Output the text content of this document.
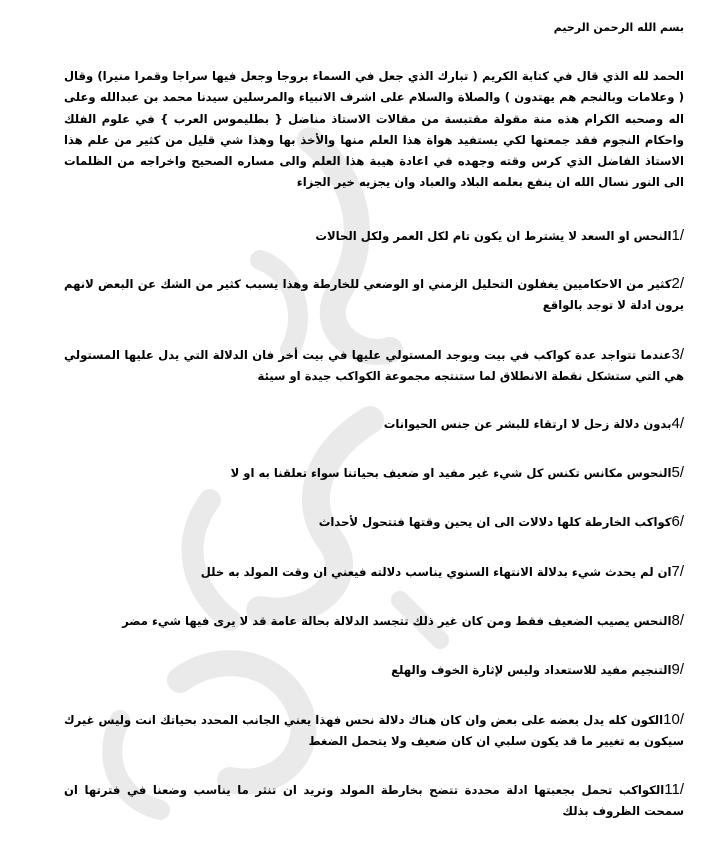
بسم الله الرحمن الرحيم
الحمد لله الذي قال في كتابة الكريم ( تبارك الذي جعل في السماء بروجا وجعل فيها سراجا وقمرا منيرا) وقال ( وعلامات وبالنجم هم يهتدون ) والصلاة والسلام على اشرف الانبياء والمرسلين سيدنا محمد بن عبدالله وعلى اله وصحبه الكرام هذه منة مقولة مقتبسة من مقالات الاستاذ مناضل { بطليموس العرب } في علوم الفلك واحكام النجوم فقد جمعتها لكي يستفيد هواة هذا العلم منها والأخذ بها وهذا شي قليل من كثير من علم هذا الاستاذ الفاضل الذي كرس وقته وجهده في اعادة هيبة هذا العلم والى مساره الصحيح واخراجه من الظلمات الى النور نسال الله ان ينفع بعلمه البلاد والعباد وان يجزيه خير الجزاء
/1النحس او السعد لا يشترط ان يكون تام لكل العمر ولكل الحالات
/2كثير من الاحكاميين يغفلون التحليل الزمني او الوضعي للخارطة وهذا يسبب كثير من الشك عن البعض لانهم يرون ادلة لا توجد بالواقع
/3عندما تتواجد عدة كواكب في بيت ويوجد المستولي عليها في بيت أخر فان الدلالة التي يدل عليها المستولي هي التي ستشكل نقطة الانطلاق لما ستنتجه مجموعة الكواكب جيدة او سيئة
/4بدون دلالة زحل لا ارتقاء للبشر عن جنس الحيوانات
/5النحوس مكانس تكنس كل شيء غير مفيد او ضعيف بحياتنا سواء تعلقنا به او لا
/6كواكب الخارطة كلها دلالات الى ان يحين وقتها فتتحول لأحداث
/7ان لم يحدث شيء بدلالة الانتهاء السنوي يناسب دلالته فيعني ان وقت المولد به خلل
/8النحس يصيب الضعيف فقط ومن كان غير ذلك تتجسد الدلالة بحالة عامة قد لا يرى فيها شيء مضر
/9التنجيم مفيد للاستعداد وليس لإثارة الخوف والهلع
/10الكون كله يدل بعضه على بعض وان كان هناك دلالة نحس فهذا يعني الجانب المحدد بحياتك انت وليس غيرك سيكون به تغيير ما قد يكون سلبي ان كان ضعيف ولا يتحمل الضغط
/11الكواكب تحمل بجعبتها ادلة محددة تتضح بخارطة المولد وتريد ان تنثر ما يناسب وضعنا في فترتها ان سمحت الظروف بذلك
